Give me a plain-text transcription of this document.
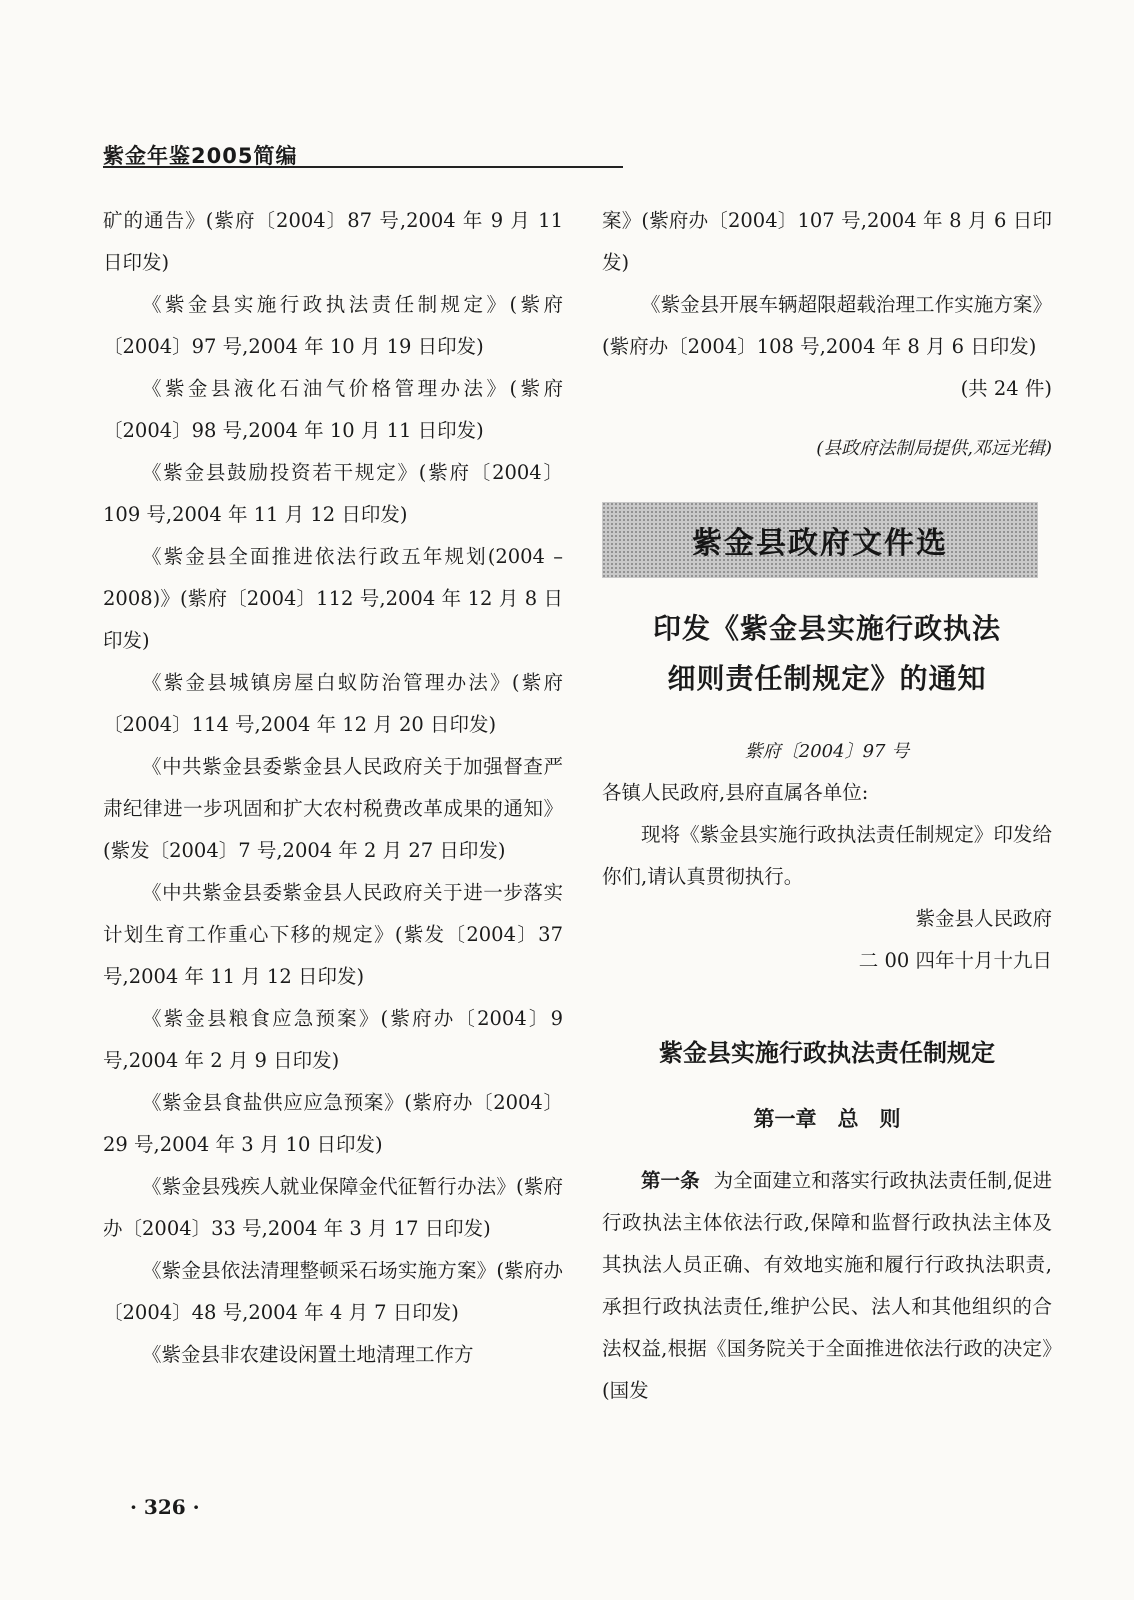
紫金年鉴2005简编

矿的通告》(紫府〔2004〕87 号,2004 年 9 月 11 日印发)

《紫金县实施行政执法责任制规定》(紫府〔2004〕97 号,2004 年 10 月 19 日印发)

《紫金县液化石油气价格管理办法》(紫府〔2004〕98 号,2004 年 10 月 11 日印发)

《紫金县鼓励投资若干规定》(紫府〔2004〕109 号,2004 年 11 月 12 日印发)

《紫金县全面推进依法行政五年规划(2004 – 2008)》(紫府〔2004〕112 号,2004 年 12 月 8 日印发)

《紫金县城镇房屋白蚁防治管理办法》(紫府〔2004〕114 号,2004 年 12 月 20 日印发)

《中共紫金县委紫金县人民政府关于加强督查严肃纪律进一步巩固和扩大农村税费改革成果的通知》(紫发〔2004〕7 号,2004 年 2 月 27 日印发)

《中共紫金县委紫金县人民政府关于进一步落实计划生育工作重心下移的规定》(紫发〔2004〕37 号,2004 年 11 月 12 日印发)

《紫金县粮食应急预案》(紫府办〔2004〕9 号,2004 年 2 月 9 日印发)

《紫金县食盐供应应急预案》(紫府办〔2004〕29 号,2004 年 3 月 10 日印发)

《紫金县残疾人就业保障金代征暂行办法》(紫府办〔2004〕33 号,2004 年 3 月 17 日印发)

《紫金县依法清理整顿采石场实施方案》(紫府办〔2004〕48 号,2004 年 4 月 7 日印发)

《紫金县非农建设闲置土地清理工作方

案》(紫府办〔2004〕107 号,2004 年 8 月 6 日印发)

《紫金县开展车辆超限超载治理工作实施方案》(紫府办〔2004〕108 号,2004 年 8 月 6 日印发)

(共 24 件)

(县政府法制局提供,邓远光辑)

紫金县政府文件选
印发《紫金县实施行政执法
细则责任制规定》的通知
紫府〔2004〕97 号

各镇人民政府,县府直属各单位:

现将《紫金县实施行政执法责任制规定》印发给你们,请认真贯彻执行。

紫金县人民政府

二 00 四年十月十九日

紫金县实施行政执法责任制规定
第一章　总　则

第一条 为全面建立和落实行政执法责任制,促进行政执法主体依法行政,保障和监督行政执法主体及其执法人员正确、有效地实施和履行行政执法职责,承担行政执法责任,维护公民、法人和其他组织的合法权益,根据《国务院关于全面推进依法行政的决定》(国发

· 326 ·
